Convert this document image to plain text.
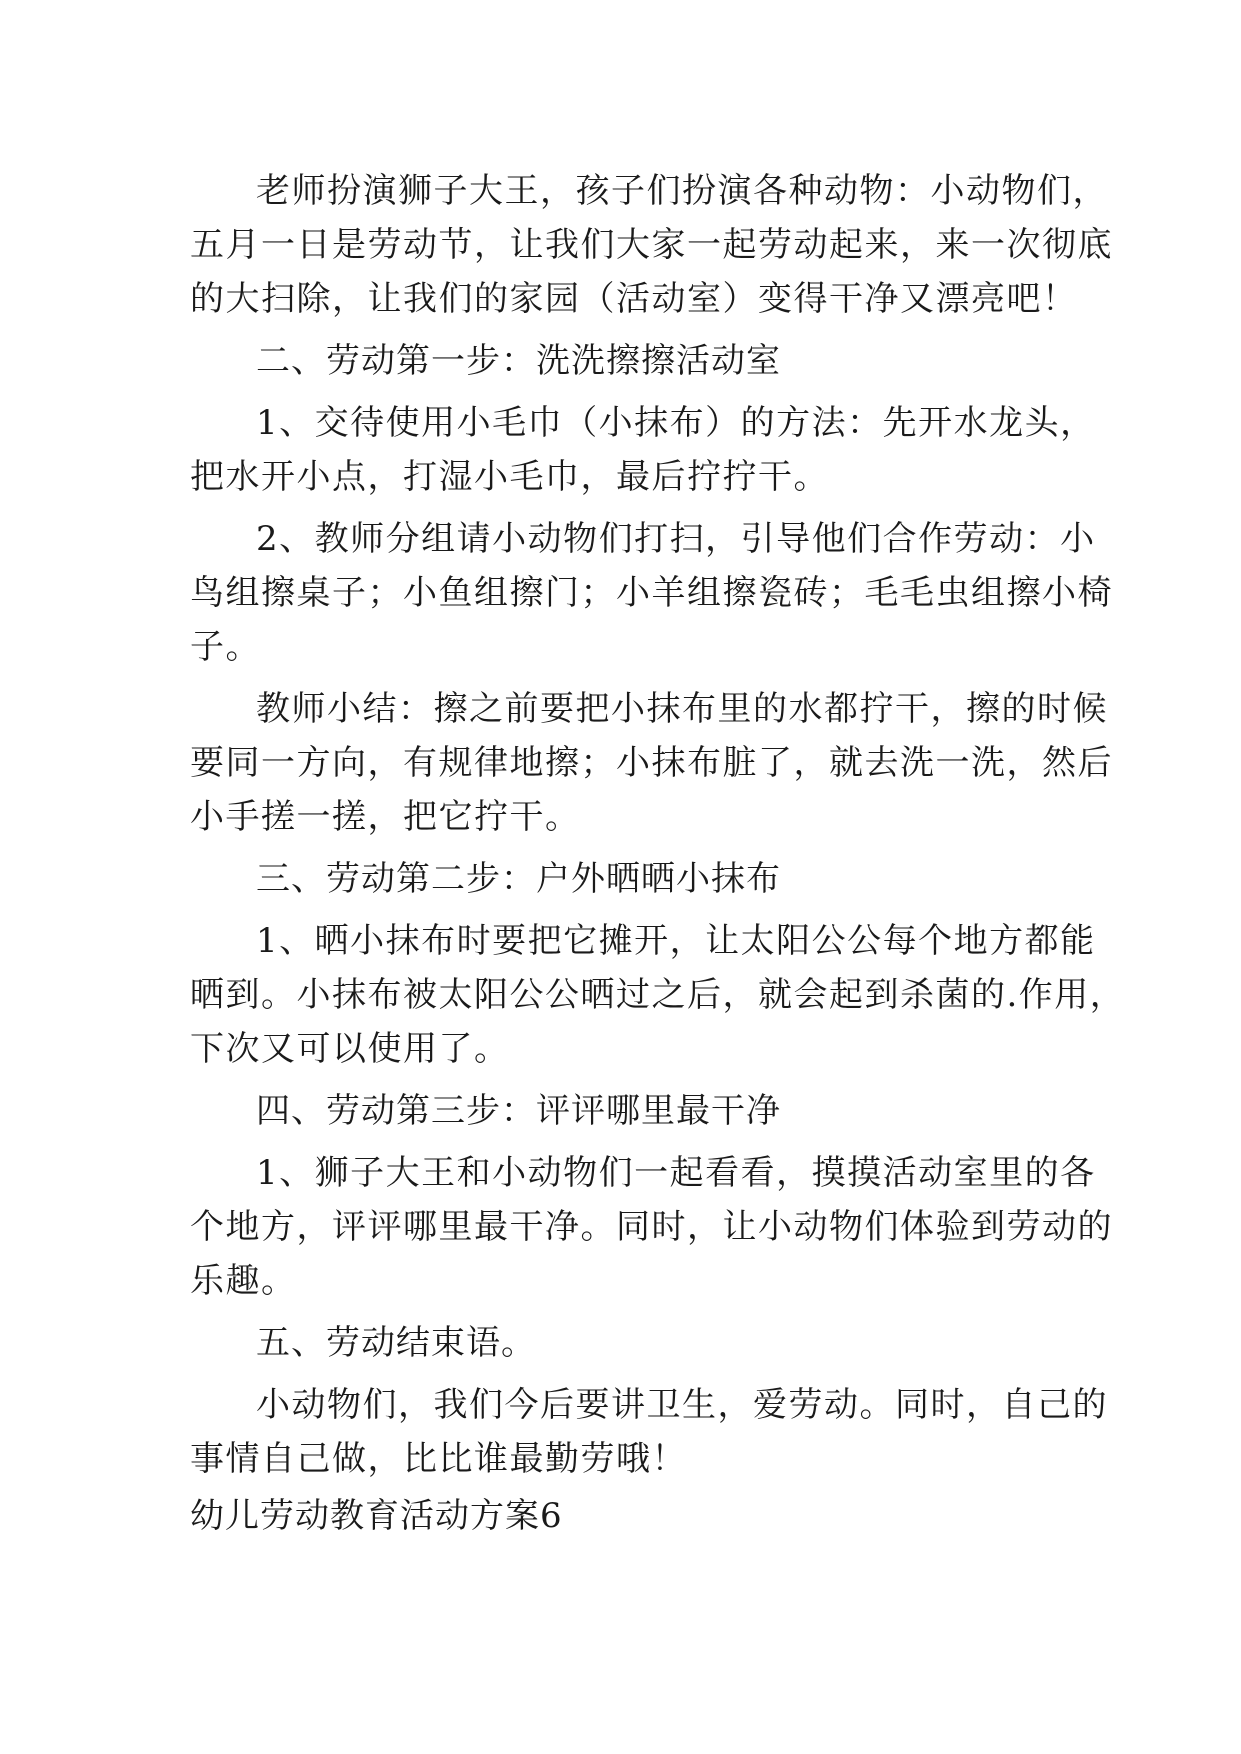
老师扮演狮子大王，孩子们扮演各种动物：小动物们，

五月一日是劳动节，让我们大家一起劳动起来，来一次彻底

的大扫除，让我们的家园（活动室）变得干净又漂亮吧！

二、劳动第一步：洗洗擦擦活动室

1、交待使用小毛巾（小抹布）的方法：先开水龙头，

把水开小点，打湿小毛巾，最后拧拧干。

2、教师分组请小动物们打扫，引导他们合作劳动：小

鸟组擦桌子；小鱼组擦门；小羊组擦瓷砖；毛毛虫组擦小椅

子。

教师小结：擦之前要把小抹布里的水都拧干，擦的时候

要同一方向，有规律地擦；小抹布脏了，就去洗一洗，然后

小手搓一搓，把它拧干。

三、劳动第二步：户外晒晒小抹布

1、晒小抹布时要把它摊开，让太阳公公每个地方都能

晒到。小抹布被太阳公公晒过之后，就会起到杀菌的.作用，

下次又可以使用了。

四、劳动第三步：评评哪里最干净

1、狮子大王和小动物们一起看看，摸摸活动室里的各

个地方，评评哪里最干净。同时，让小动物们体验到劳动的

乐趣。

五、劳动结束语。

小动物们，我们今后要讲卫生，爱劳动。同时，自己的

事情自己做，比比谁最勤劳哦！

幼儿劳动教育活动方案6
